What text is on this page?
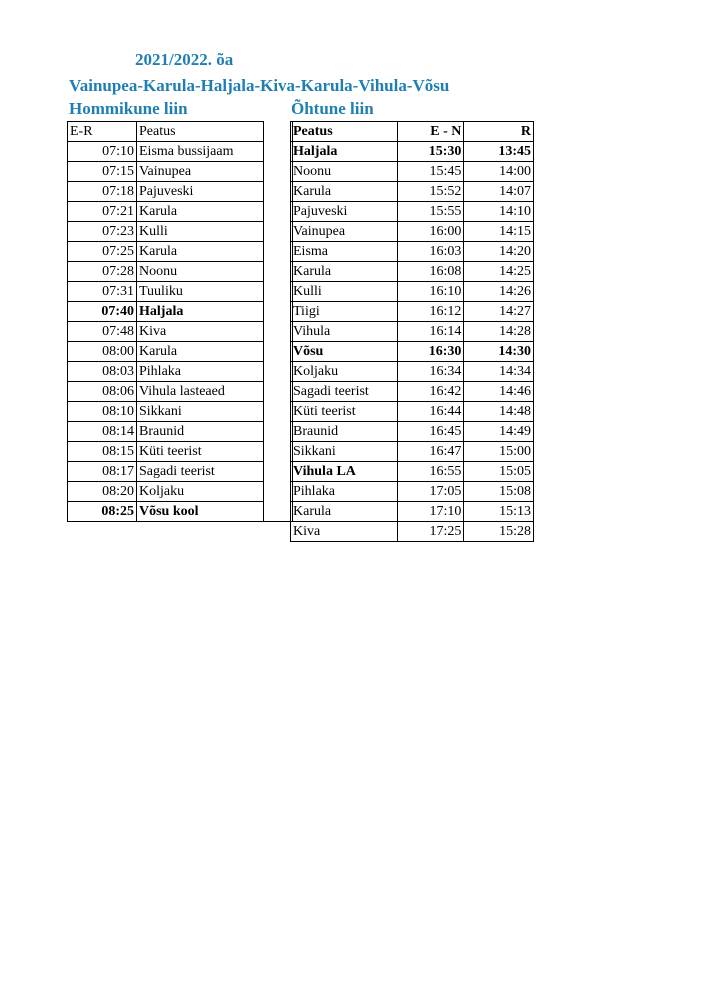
2021/2022. õa
Vainupea-Karula-Haljala-Kiva-Karula-Vihula-Võsu
Hommikune liin	Õhtune liin
E-R	Peatus	
07:10	Eisma bussijaam	
07:15	Vainupea	
07:18	Pajuveski	
07:21	Karula	
07:23	Kulli	
07:25	Karula	
07:28	Noonu	
07:31	Tuuliku	
07:40	Haljala	
07:48	Kiva	
08:00	Karula	
08:03	Pihlaka	
08:06	Vihula lasteaed	
08:10	Sikkani	
08:14	Braunid	
08:15	Küti teerist	
08:17	Sagadi teerist	
08:20	Koljaku	
08:25	Võsu kool	
Peatus	E - N	R
Haljala	15:30	13:45
Noonu	15:45	14:00
Karula	15:52	14:07
Pajuveski	15:55	14:10
Vainupea	16:00	14:15
Eisma	16:03	14:20
Karula	16:08	14:25
Kulli	16:10	14:26
Tiigi	16:12	14:27
Vihula	16:14	14:28
Võsu	16:30	14:30
Koljaku	16:34	14:34
Sagadi teerist	16:42	14:46
Küti teerist	16:44	14:48
Braunid	16:45	14:49
Sikkani	16:47	15:00
Vihula LA	16:55	15:05
Pihlaka	17:05	15:08
Karula	17:10	15:13
Kiva	17:25	15:28
